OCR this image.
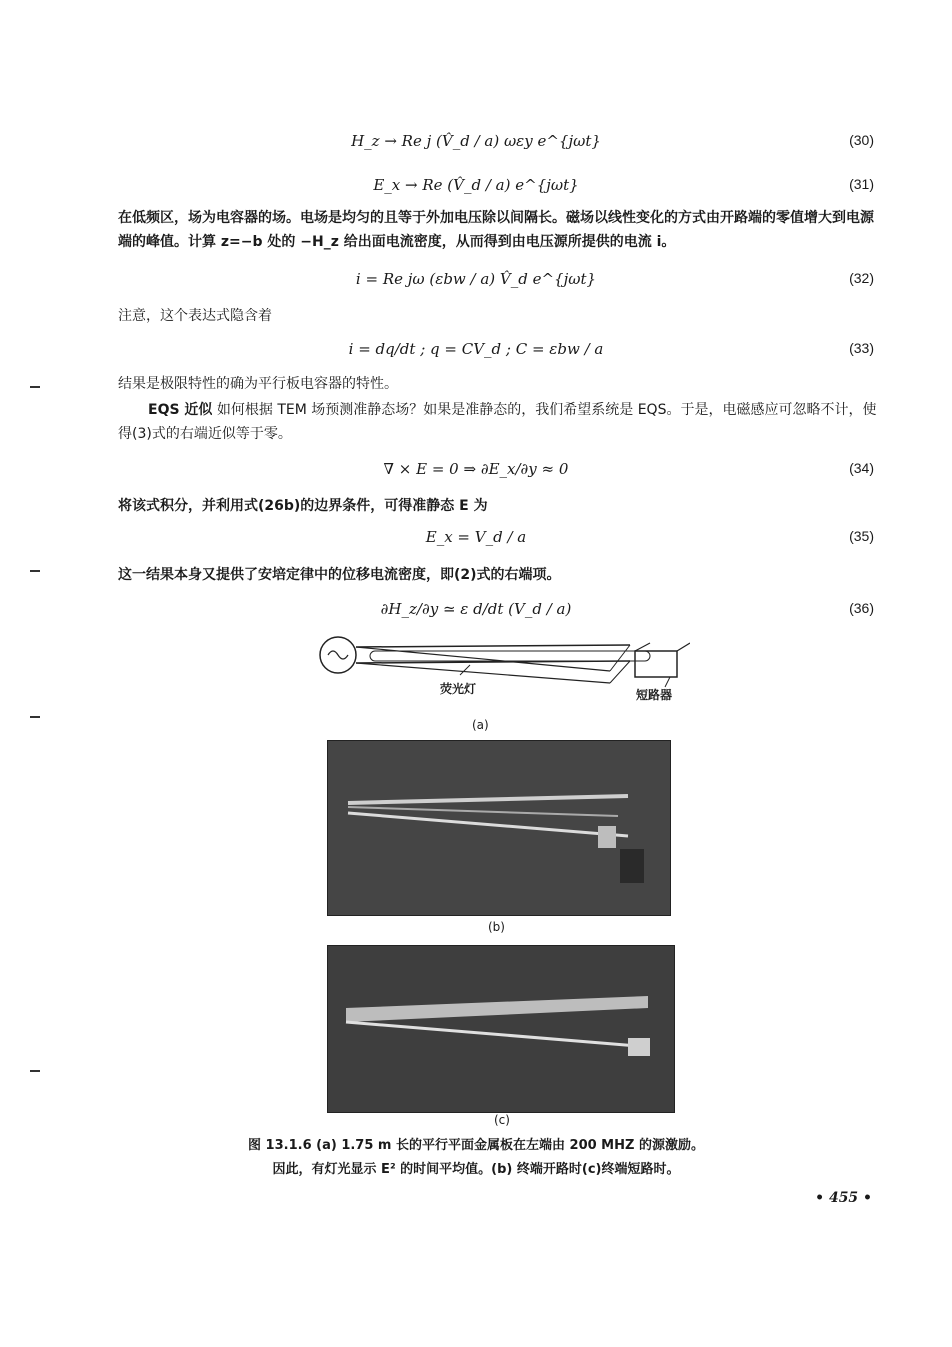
H_z → Re j (V̂_d / a) ωεy e^{jωt}	(30)
E_x → Re (V̂_d / a) e^{jωt}	(31)
在低频区，场为电容器的场。电场是均匀的且等于外加电压除以间隔长。磁场以线性变化的方式由开路端的零值增大到电源端的峰值。计算 z=−b 处的 −H_z 给出面电流密度，从而得到由电压源所提供的电流 i。
i = Re jω (εbw / a) V̂_d e^{jωt}	(32)
注意，这个表达式隐含着
i = dq/dt ; q = CV_d ; C = εbw / a	(33)
结果是极限特性的确为平行板电容器的特性。
EQS 近似 如何根据 TEM 场预测准静态场？如果是准静态的，我们希望系统是 EQS。于是，电磁感应可忽略不计，使得(3)式的右端近似等于零。
∇ × E = 0 ⇒ ∂E_x/∂y ≈ 0	(34)
将该式积分，并利用式(26b)的边界条件，可得准静态 E 为
E_x = V_d / a	(35)
这一结果本身又提供了安培定律中的位移电流密度，即(2)式的右端项。
∂H_z/∂y ≃ ε d/dt (V_d / a)	(36)
荧光灯	短路器
(a)
(b)
(c)
图 13.1.6 (a) 1.75 m 长的平行平面金属板在左端由 200 MHZ 的源激励。
因此，有灯光显示 E² 的时间平均值。(b) 终端开路时(c)终端短路时。
• 455 •
